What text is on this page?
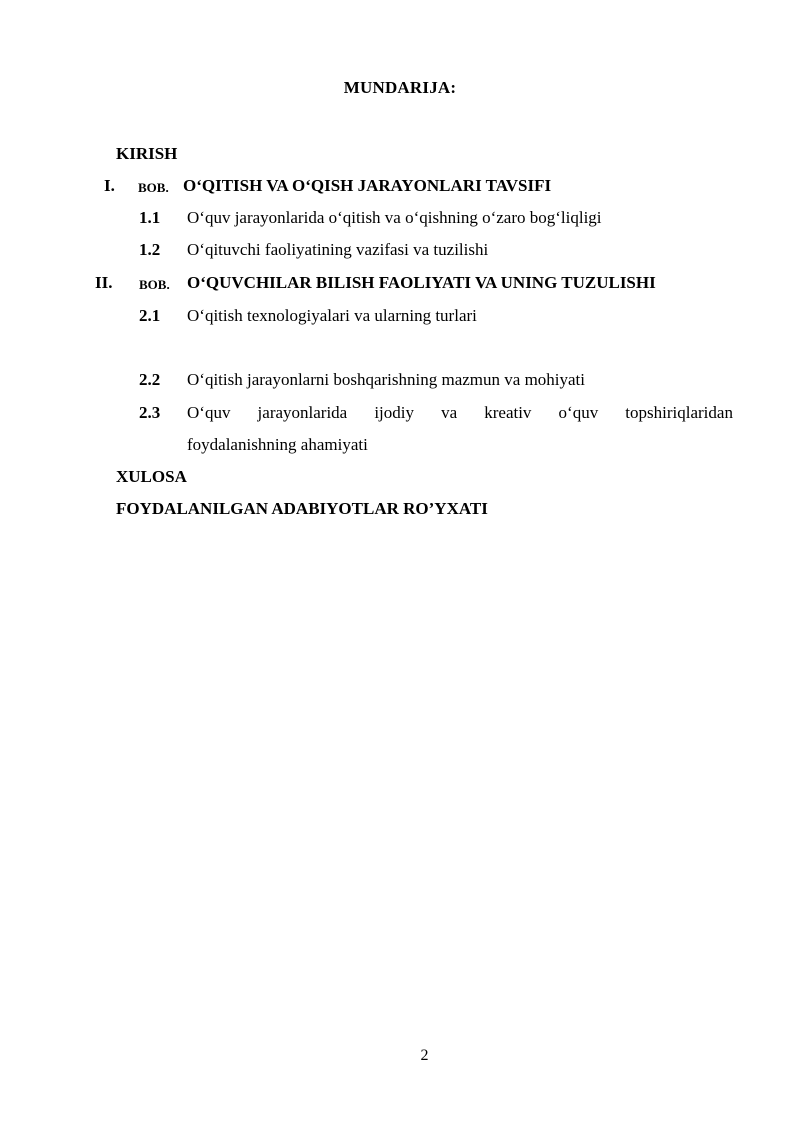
MUNDARIJA:
KIRISH
I. BOB. O‘QITISH VA O‘QISH JARAYONLARI TAVSIFI
1.1 O‘quv jarayonlarida o‘qitish va o‘qishning o‘zaro bog‘liqligi
1.2 O‘qituvchi faoliyatining vazifasi va tuzilishi
II. BOB. O‘QUVCHILAR BILISH FAOLIYATI VA UNING TUZULISHI
2.1 O‘qitish texnologiyalari va ularning turlari
2.2 O‘qitish jarayonlarni boshqarishning mazmun va mohiyati
2.3 O‘quv jarayonlarida ijodiy va kreativ o‘quv topshiriqlaridan
foydalanishning ahamiyati
XULOSA
FOYDALANILGAN ADABIYOTLAR RO’YXATI
2
